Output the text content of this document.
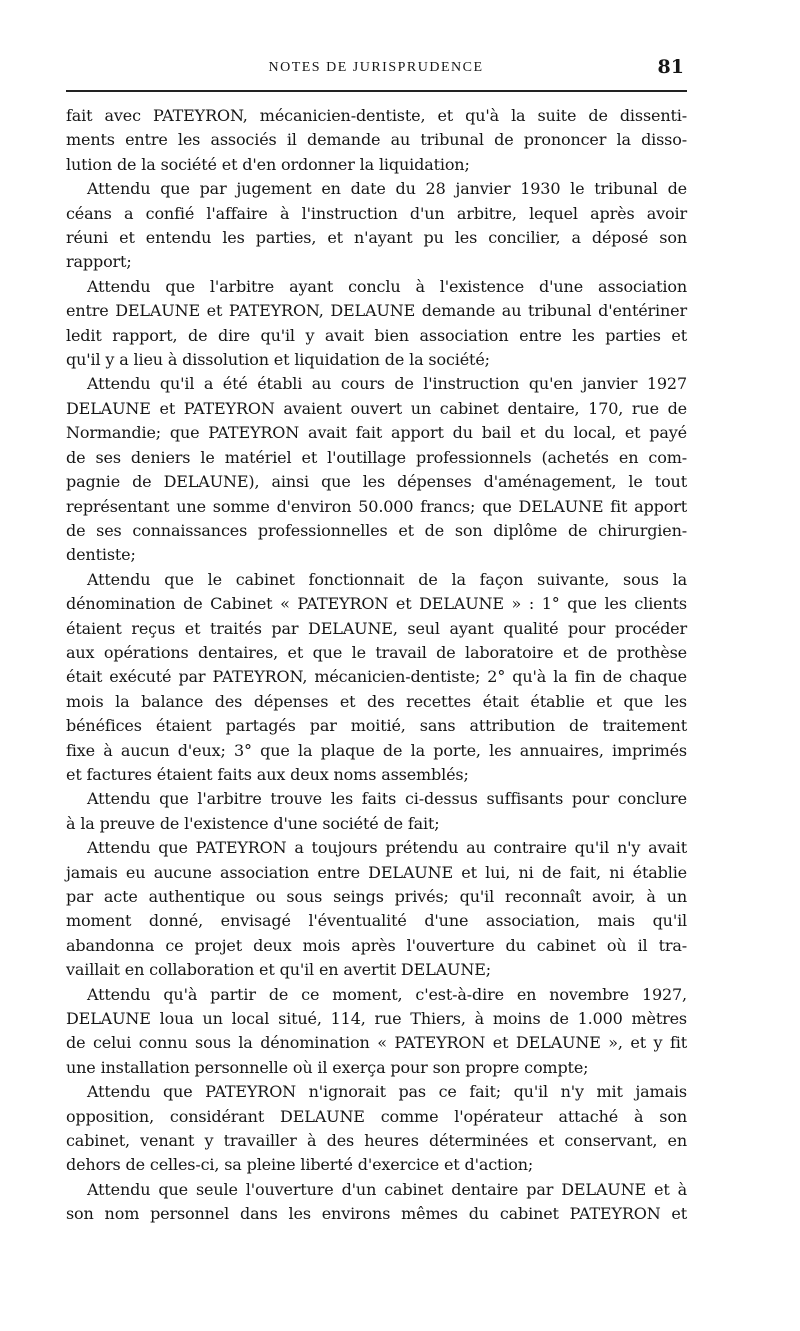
NOTES DE JURISPRUDENCE	81

fait avec PATEYRON, mécanicien-dentiste, et qu'à la suite de dissenti-
ments entre les associés il demande au tribunal de prononcer la disso-
lution de la société et d'en ordonner la liquidation;

Attendu que par jugement en date du 28 janvier 1930 le tribunal de
céans a confié l'affaire à l'instruction d'un arbitre, lequel après avoir
réuni et entendu les parties, et n'ayant pu les concilier, a déposé son
rapport;

Attendu que l'arbitre ayant conclu à l'existence d'une association
entre DELAUNE et PATEYRON, DELAUNE demande au tribunal d'entériner
ledit rapport, de dire qu'il y avait bien association entre les parties et
qu'il y a lieu à dissolution et liquidation de la société;

Attendu qu'il a été établi au cours de l'instruction qu'en janvier 1927
DELAUNE et PATEYRON avaient ouvert un cabinet dentaire, 170, rue de
Normandie; que PATEYRON avait fait apport du bail et du local, et payé
de ses deniers le matériel et l'outillage professionnels (achetés en com-
pagnie de DELAUNE), ainsi que les dépenses d'aménagement, le tout
représentant une somme d'environ 50.000 francs; que DELAUNE fit apport
de ses connaissances professionnelles et de son diplôme de chirurgien-
dentiste;

Attendu que le cabinet fonctionnait de la façon suivante, sous la
dénomination de Cabinet « PATEYRON et DELAUNE » : 1° que les clients
étaient reçus et traités par DELAUNE, seul ayant qualité pour procéder
aux opérations dentaires, et que le travail de laboratoire et de prothèse
était exécuté par PATEYRON, mécanicien-dentiste; 2° qu'à la fin de chaque
mois la balance des dépenses et des recettes était établie et que les
bénéfices étaient partagés par moitié, sans attribution de traitement
fixe à aucun d'eux; 3° que la plaque de la porte, les annuaires, imprimés
et factures étaient faits aux deux noms assemblés;

Attendu que l'arbitre trouve les faits ci-dessus suffisants pour conclure
à la preuve de l'existence d'une société de fait;

Attendu que PATEYRON a toujours prétendu au contraire qu'il n'y avait
jamais eu aucune association entre DELAUNE et lui, ni de fait, ni établie
par acte authentique ou sous seings privés; qu'il reconnaît avoir, à un
moment donné, envisagé l'éventualité d'une association, mais qu'il
abandonna ce projet deux mois après l'ouverture du cabinet où il tra-
vaillait en collaboration et qu'il en avertit DELAUNE;

Attendu qu'à partir de ce moment, c'est-à-dire en novembre 1927,
DELAUNE loua un local situé, 114, rue Thiers, à moins de 1.000 mètres
de celui connu sous la dénomination « PATEYRON et DELAUNE », et y fit
une installation personnelle où il exerça pour son propre compte;

Attendu que PATEYRON n'ignorait pas ce fait; qu'il n'y mit jamais
opposition, considérant DELAUNE comme l'opérateur attaché à son
cabinet, venant y travailler à des heures déterminées et conservant, en
dehors de celles-ci, sa pleine liberté d'exercice et d'action;

Attendu que seule l'ouverture d'un cabinet dentaire par DELAUNE et à
son nom personnel dans les environs mêmes du cabinet PATEYRON et
